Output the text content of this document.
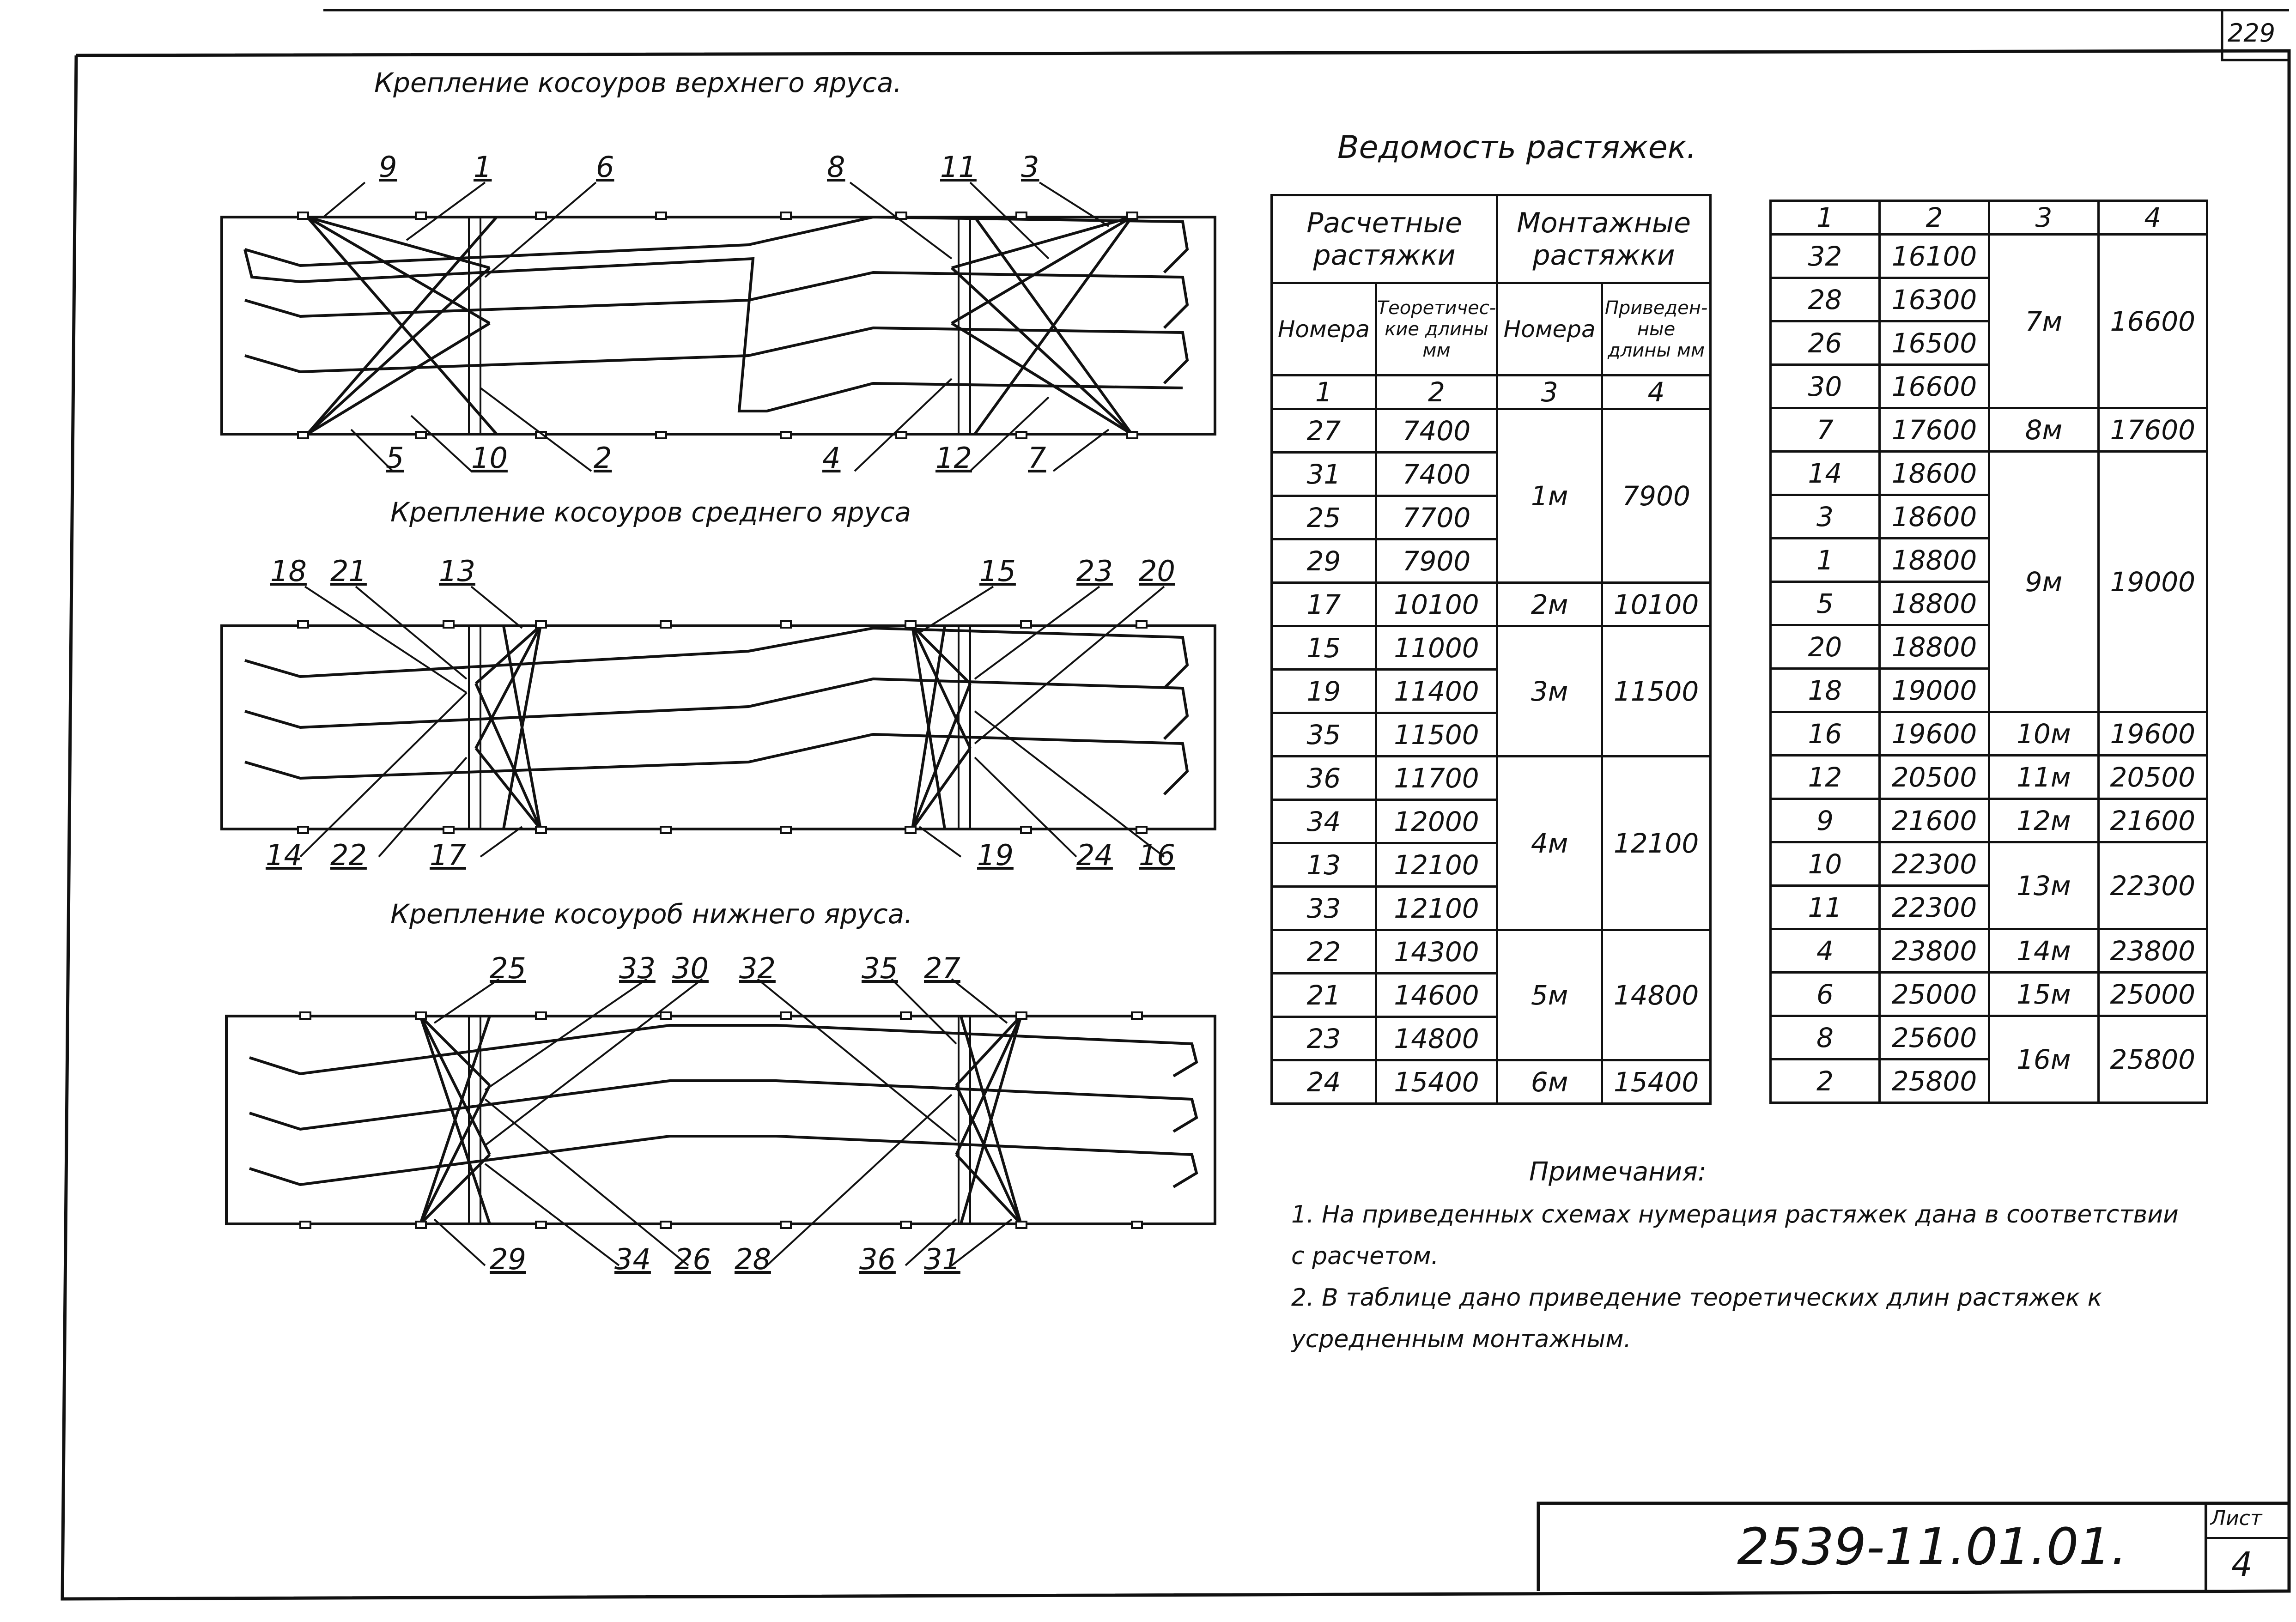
229
Крепление косоуров верхнего яруса.
Крепление косоуров среднего яруса
Крепление косоуроб нижнего яруса.
9	1	6	8	11 3
5 10	2	4	12 7
18 21	13	15 23 20
14 22 17	19 24 16
25	33 30 32	35 27
29	34 26 28	36 31
Ведомость растяжек.
Расчетные растяжки		Монтажные растяжки	
Номера	Теоретичес-кие длины мм	Номера	Приведен-ные длины мм
1	2	3	4
27	7400	1м	7900
31	7400		
25	7700		
29	7900		
17	10100	2м	10100
15	11000	3м	11500
19	11400		
35	11500		
36	11700	4м	12100
34	12000		
13	12100		
33	12100		
22	14300	5м	14800
21	14600		
23	14800		
24	15400	6м	15400
1	2	3	4
32	16100	7м	16600
28	16300		
26	16500		
30	16600		
7	17600	8м	17600
14	18600	9м	19000
3	18600		
1	18800		
5	18800		
20	18800		
18	19000		
16	19600	10м	19600
12	20500	11м	20500
9	21600	12м	21600
10	22300	13м	22300
11	22300		
4	23800	14м	23800
6	25000	15м	25000
8	25600	16м	25800
2	25800		
Примечания:
1. На приведенных схемах нумерация растяжек дана в соответствии
с расчетом.
2. В таблице дано приведение теоретических длин растяжек к
усредненным монтажным.
2539-11.01.01.	Лист
4
